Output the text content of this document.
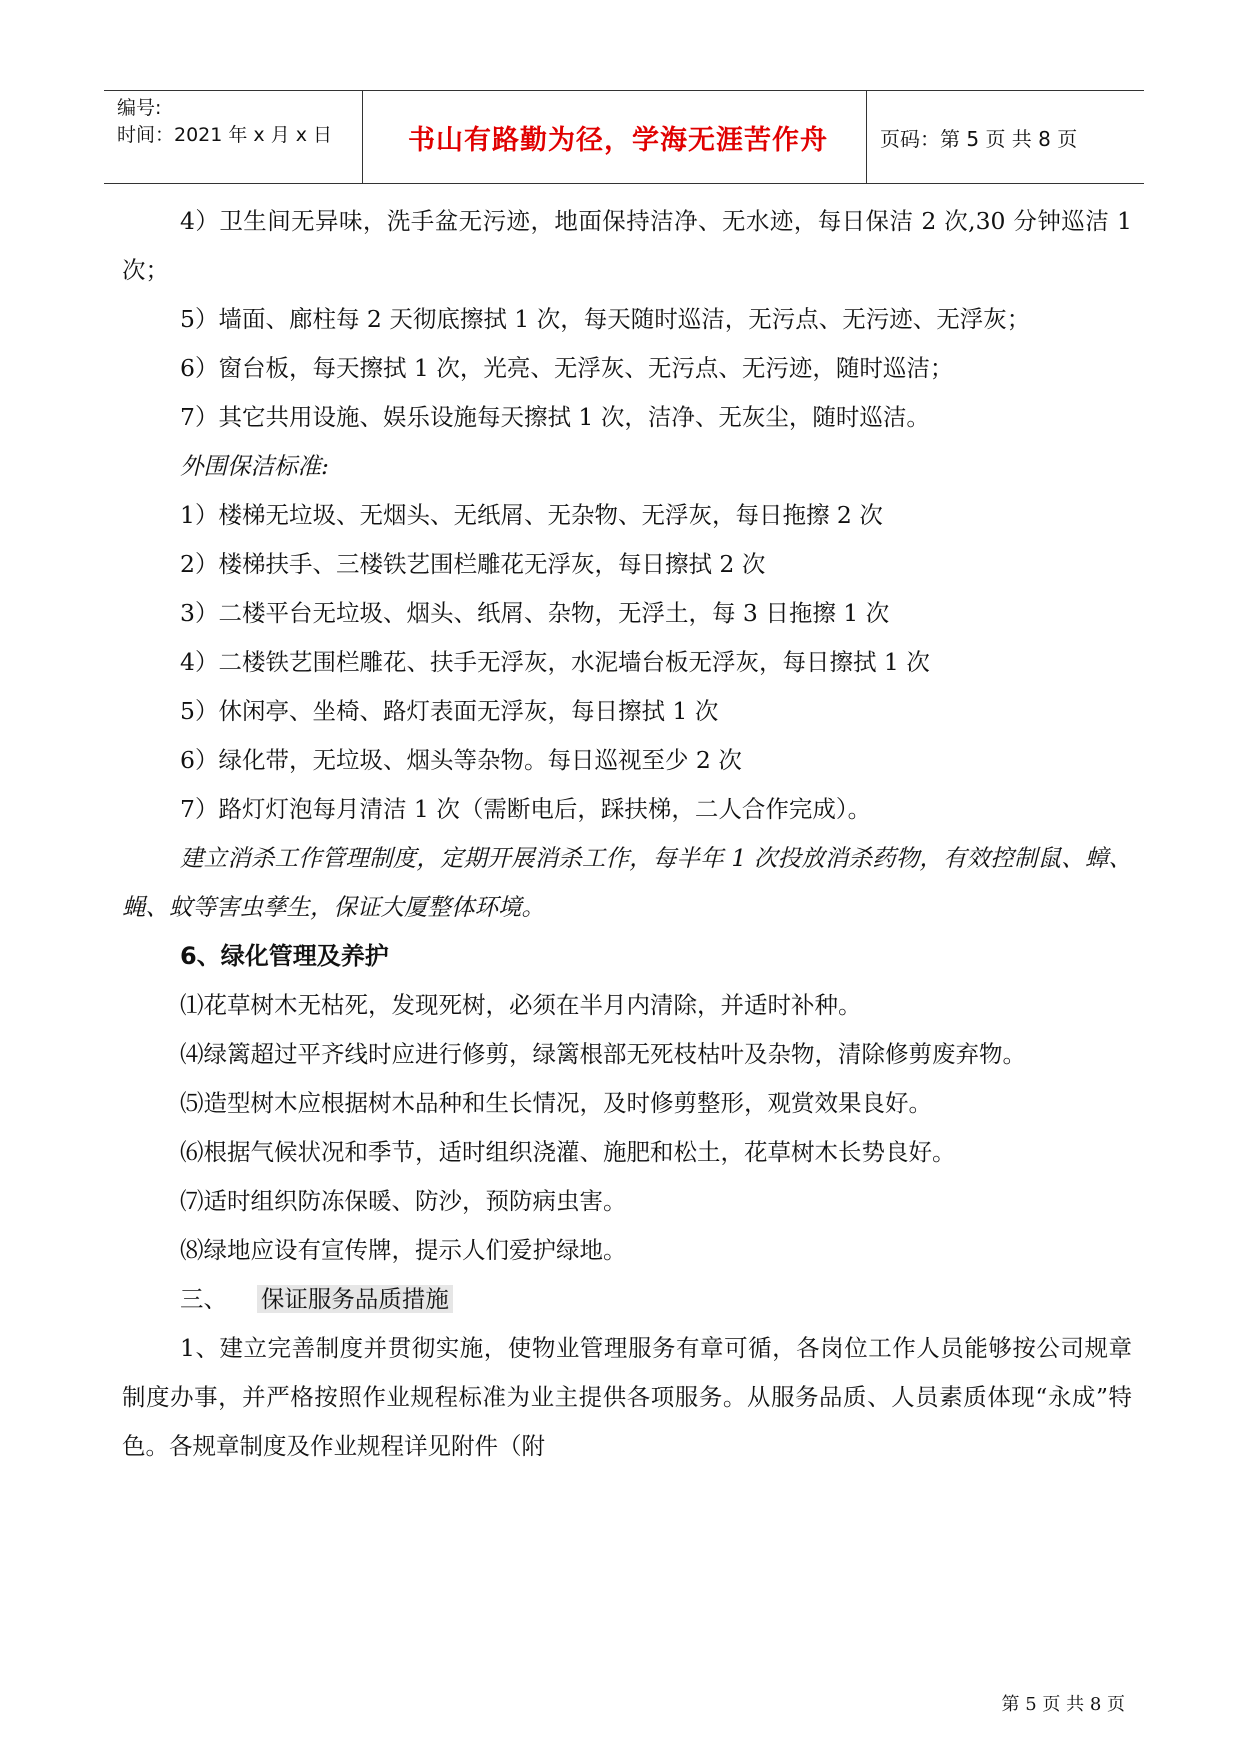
编号:
时间：2021 年 x 月 x 日	书山有路勤为径，学海无涯苦作舟	页码：第 5 页 共 8 页

4）卫生间无异味，洗手盆无污迹，地面保持洁净、无水迹，每日保洁 2 次,30 分钟巡洁 1 次；

5）墙面、廊柱每 2 天彻底擦拭 1 次，每天随时巡洁，无污点、无污迹、无浮灰；

6）窗台板，每天擦拭 1 次，光亮、无浮灰、无污点、无污迹，随时巡洁；

7）其它共用设施、娱乐设施每天擦拭 1 次，洁净、无灰尘，随时巡洁。

外围保洁标准:

1）楼梯无垃圾、无烟头、无纸屑、无杂物、无浮灰，每日拖擦 2 次

2）楼梯扶手、三楼铁艺围栏雕花无浮灰，每日擦拭 2 次

3）二楼平台无垃圾、烟头、纸屑、杂物，无浮土，每 3 日拖擦 1 次

4）二楼铁艺围栏雕花、扶手无浮灰，水泥墙台板无浮灰，每日擦拭 1 次

5）休闲亭、坐椅、路灯表面无浮灰，每日擦拭 1 次

6）绿化带，无垃圾、烟头等杂物。每日巡视至少 2 次

7）路灯灯泡每月清洁 1 次（需断电后，踩扶梯，二人合作完成）。

建立消杀工作管理制度，定期开展消杀工作，每半年 1 次投放消杀药物，有效控制鼠、蟑、蝇、蚊等害虫孳生，保证大厦整体环境。

6、绿化管理及养护

⑴花草树木无枯死，发现死树，必须在半月内清除，并适时补种。

⑷绿篱超过平齐线时应进行修剪，绿篱根部无死枝枯叶及杂物，清除修剪废弃物。

⑸造型树木应根据树木品种和生长情况，及时修剪整形，观赏效果良好。

⑹根据气候状况和季节，适时组织浇灌、施肥和松土，花草树木长势良好。

⑺适时组织防冻保暖、防沙，预防病虫害。

⑻绿地应设有宣传牌，提示人们爱护绿地。

三、 保证服务品质措施

1、建立完善制度并贯彻实施，使物业管理服务有章可循，各岗位工作人员能够按公司规章制度办事，并严格按照作业规程标准为业主提供各项服务。从服务品质、人员素质体现“永成”特色。各规章制度及作业规程详见附件（附

第 5 页 共 8 页
